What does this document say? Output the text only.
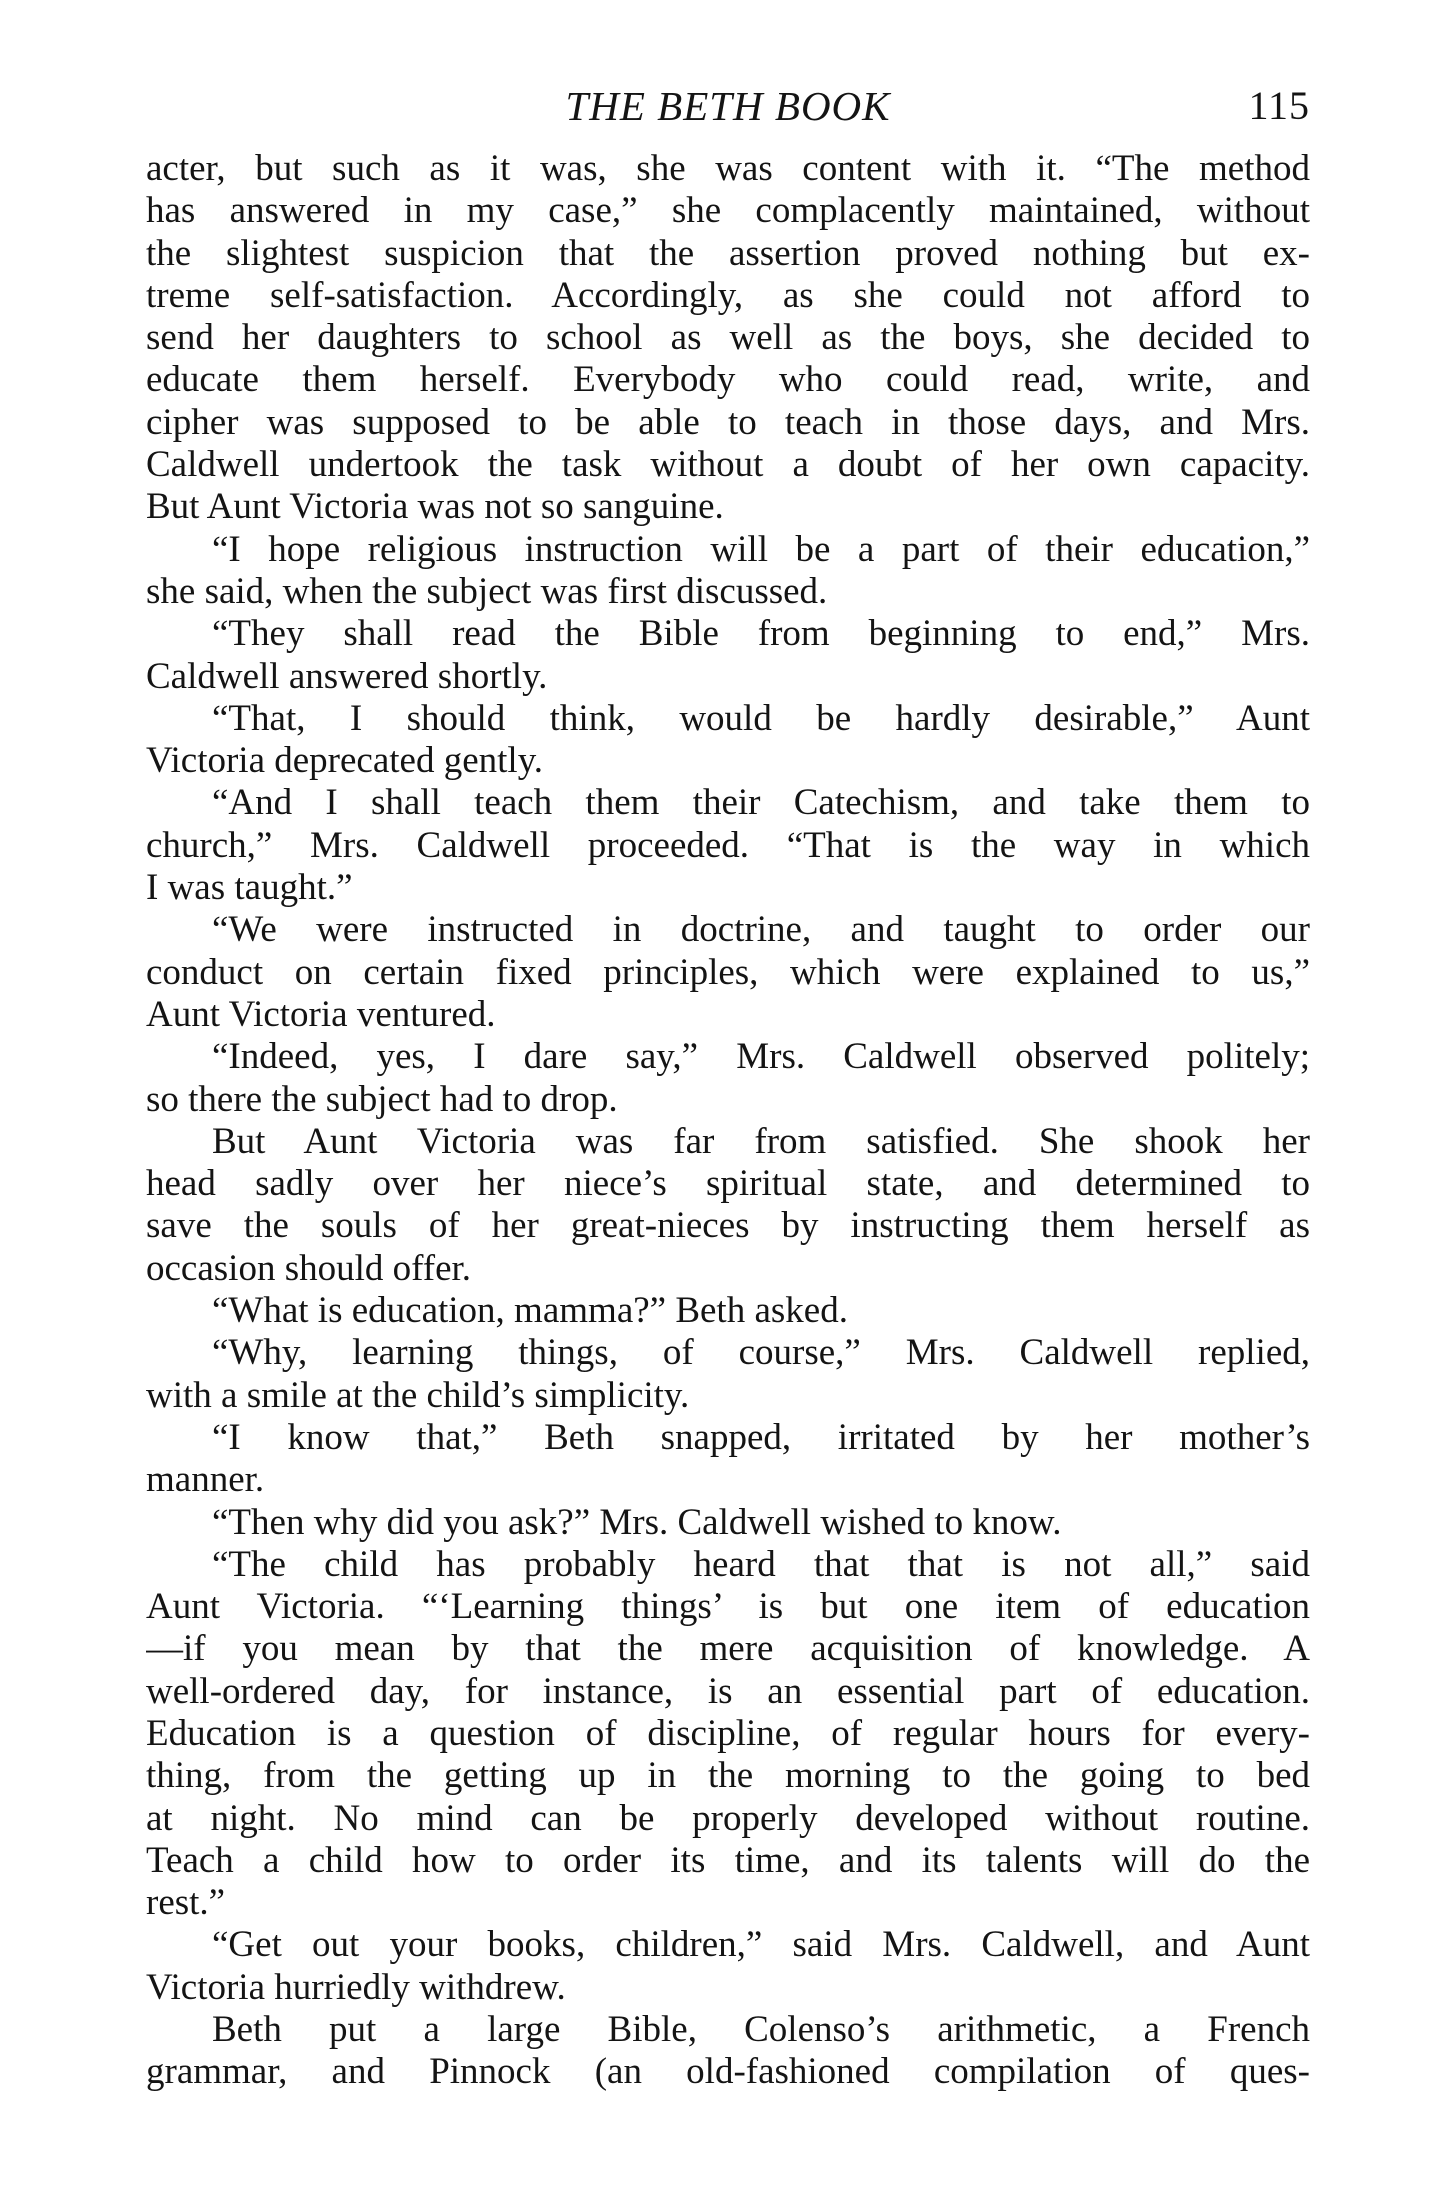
THE BETH BOOK	115
acter, but such as it was, she was content with it. “The method
has answered in my case,” she complacently maintained, without
the slightest suspicion that the assertion proved nothing but ex-
treme self-satisfaction. Accordingly, as she could not afford to
send her daughters to school as well as the boys, she decided to
educate them herself. Everybody who could read, write, and
cipher was supposed to be able to teach in those days, and Mrs.
Caldwell undertook the task without a doubt of her own capacity.
But Aunt Victoria was not so sanguine.
“I hope religious instruction will be a part of their education,”
she said, when the subject was first discussed.
“They shall read the Bible from beginning to end,” Mrs.
Caldwell answered shortly.
“That, I should think, would be hardly desirable,” Aunt
Victoria deprecated gently.
“And I shall teach them their Catechism, and take them to
church,” Mrs. Caldwell proceeded. “That is the way in which
I was taught.”
“We were instructed in doctrine, and taught to order our
conduct on certain fixed principles, which were explained to us,”
Aunt Victoria ventured.
“Indeed, yes, I dare say,” Mrs. Caldwell observed politely;
so there the subject had to drop.
But Aunt Victoria was far from satisfied. She shook her
head sadly over her niece’s spiritual state, and determined to
save the souls of her great-nieces by instructing them herself as
occasion should offer.
“What is education, mamma?” Beth asked.
“Why, learning things, of course,” Mrs. Caldwell replied,
with a smile at the child’s simplicity.
“I know that,” Beth snapped, irritated by her mother’s
manner.
“Then why did you ask?” Mrs. Caldwell wished to know.
“The child has probably heard that that is not all,” said
Aunt Victoria. “‘Learning things’ is but one item of education
—if you mean by that the mere acquisition of knowledge. A
well-ordered day, for instance, is an essential part of education.
Education is a question of discipline, of regular hours for every-
thing, from the getting up in the morning to the going to bed
at night. No mind can be properly developed without routine.
Teach a child how to order its time, and its talents will do the
rest.”
“Get out your books, children,” said Mrs. Caldwell, and Aunt
Victoria hurriedly withdrew.
Beth put a large Bible, Colenso’s arithmetic, a French
grammar, and Pinnock (an old-fashioned compilation of ques-
